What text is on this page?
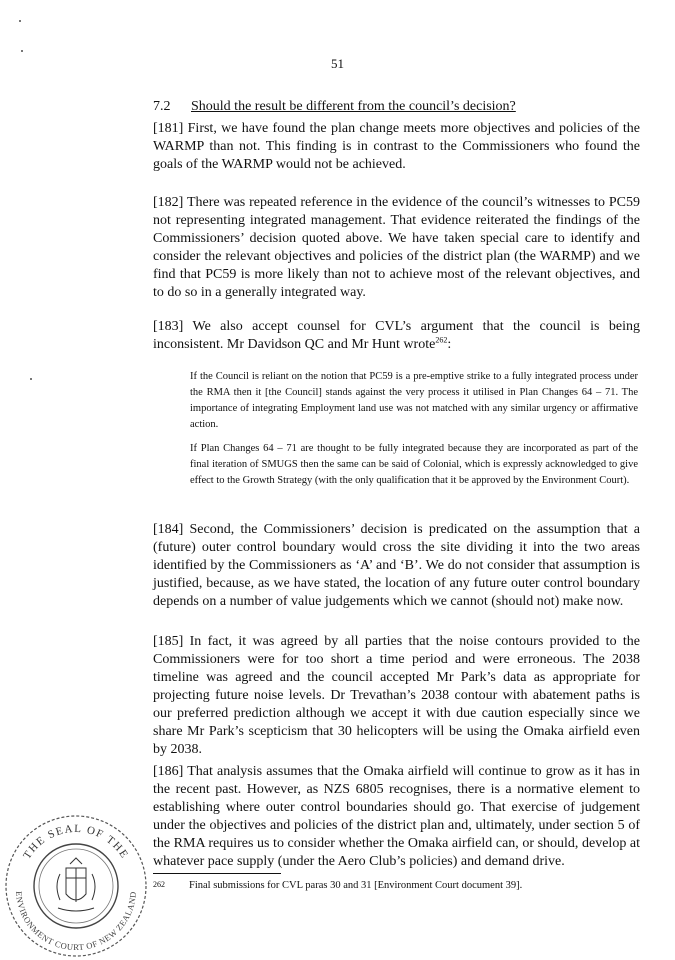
51
7.2 Should the result be different from the council’s decision?

[181] First, we have found the plan change meets more objectives and policies of the WARMP than not. This finding is in contrast to the Commissioners who found the goals of the WARMP would not be achieved.

[182] There was repeated reference in the evidence of the council’s witnesses to PC59 not representing integrated management. That evidence reiterated the findings of the Commissioners’ decision quoted above. We have taken special care to identify and consider the relevant objectives and policies of the district plan (the WARMP) and we find that PC59 is more likely than not to achieve most of the relevant objectives, and to do so in a generally integrated way.

[183] We also accept counsel for CVL’s argument that the council is being inconsistent. Mr Davidson QC and Mr Hunt wrote$^{262}$:

If the Council is reliant on the notion that PC59 is a pre-emptive strike to a fully integrated process under the RMA then it [the Council] stands against the very process it utilised in Plan Changes 64 – 71. The importance of integrating Employment land use was not matched with any similar urgency or affirmative action.

If Plan Changes 64 – 71 are thought to be fully integrated because they are incorporated as part of the final iteration of SMUGS then the same can be said of Colonial, which is expressly acknowledged to give effect to the Growth Strategy (with the only qualification that it be approved by the Environment Court).

[184] Second, the Commissioners’ decision is predicated on the assumption that a (future) outer control boundary would cross the site dividing it into the two areas identified by the Commissioners as ‘A’ and ‘B’. We do not consider that assumption is justified, because, as we have stated, the location of any future outer control boundary depends on a number of value judgements which we cannot (should not) make now.

[185] In fact, it was agreed by all parties that the noise contours provided to the Commissioners were for too short a time period and were erroneous. The 2038 timeline was agreed and the council accepted Mr Park’s data as appropriate for projecting future noise levels. Dr Trevathan’s 2038 contour with abatement paths is our preferred prediction although we accept it with due caution especially since we share Mr Park’s scepticism that 30 helicopters will be using the Omaka airfield even by 2038.

[186] That analysis assumes that the Omaka airfield will continue to grow as it has in the recent past. However, as NZS 6805 recognises, there is a normative element to establishing where outer control boundaries should go. That exercise of judgement under the objectives and policies of the district plan and, ultimately, under section 5 of the RMA requires us to consider whether the Omaka airfield can, or should, develop at whatever pace supply (under the Aero Club’s policies) and demand drive.

262 Final submissions for CVL paras 30 and 31 [Environment Court document 39].
THE SEAL OF THE
ENVIRONMENT COURT OF NEW ZEALAND
